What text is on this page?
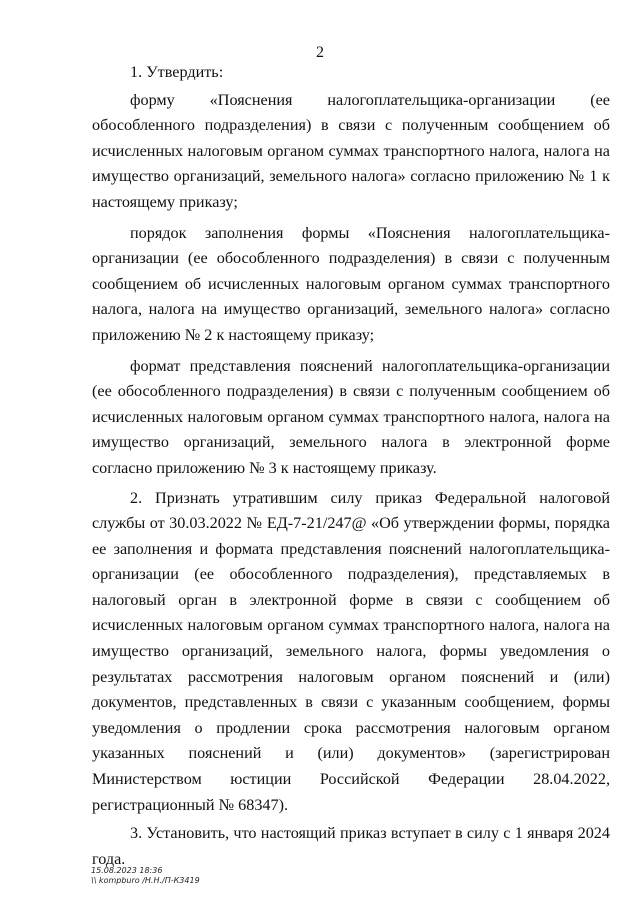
2

1. Утвердить:

форму «Пояснения налогоплательщика-организации (ее обособленного подразделения) в связи с полученным сообщением об исчисленных налоговым органом суммах транспортного налога, налога на имущество организаций, земельного налога» согласно приложению № 1 к настоящему приказу;

порядок заполнения формы «Пояснения налогоплательщика-организации (ее обособленного подразделения) в связи с полученным сообщением об исчисленных налоговым органом суммах транспортного налога, налога на имущество организаций, земельного налога» согласно приложению № 2 к настоящему приказу;

формат представления пояснений налогоплательщика-организации (ее обособленного подразделения) в связи с полученным сообщением об исчисленных налоговым органом суммах транспортного налога, налога на имущество организаций, земельного налога в электронной форме согласно приложению № 3 к настоящему приказу.

2. Признать утратившим силу приказ Федеральной налоговой службы от 30.03.2022 № ЕД-7-21/247@ «Об утверждении формы, порядка ее заполнения и формата представления пояснений налогоплательщика-организации (ее обособленного подразделения), представляемых в налоговый орган в электронной форме в связи с сообщением об исчисленных налоговым органом суммах транспортного налога, налога на имущество организаций, земельного налога, формы уведомления о результатах рассмотрения налоговым органом пояснений и (или) документов, представленных в связи с указанным сообщением, формы уведомления о продлении срока рассмотрения налоговым органом указанных пояснений и (или) документов» (зарегистрирован Министерством юстиции Российской Федерации 28.04.2022, регистрационный № 68347).

3. Установить, что настоящий приказ вступает в силу с 1 января 2024 года.

15.08.2023 18:36
\\ kompburo /Н.Н./П-К3419
